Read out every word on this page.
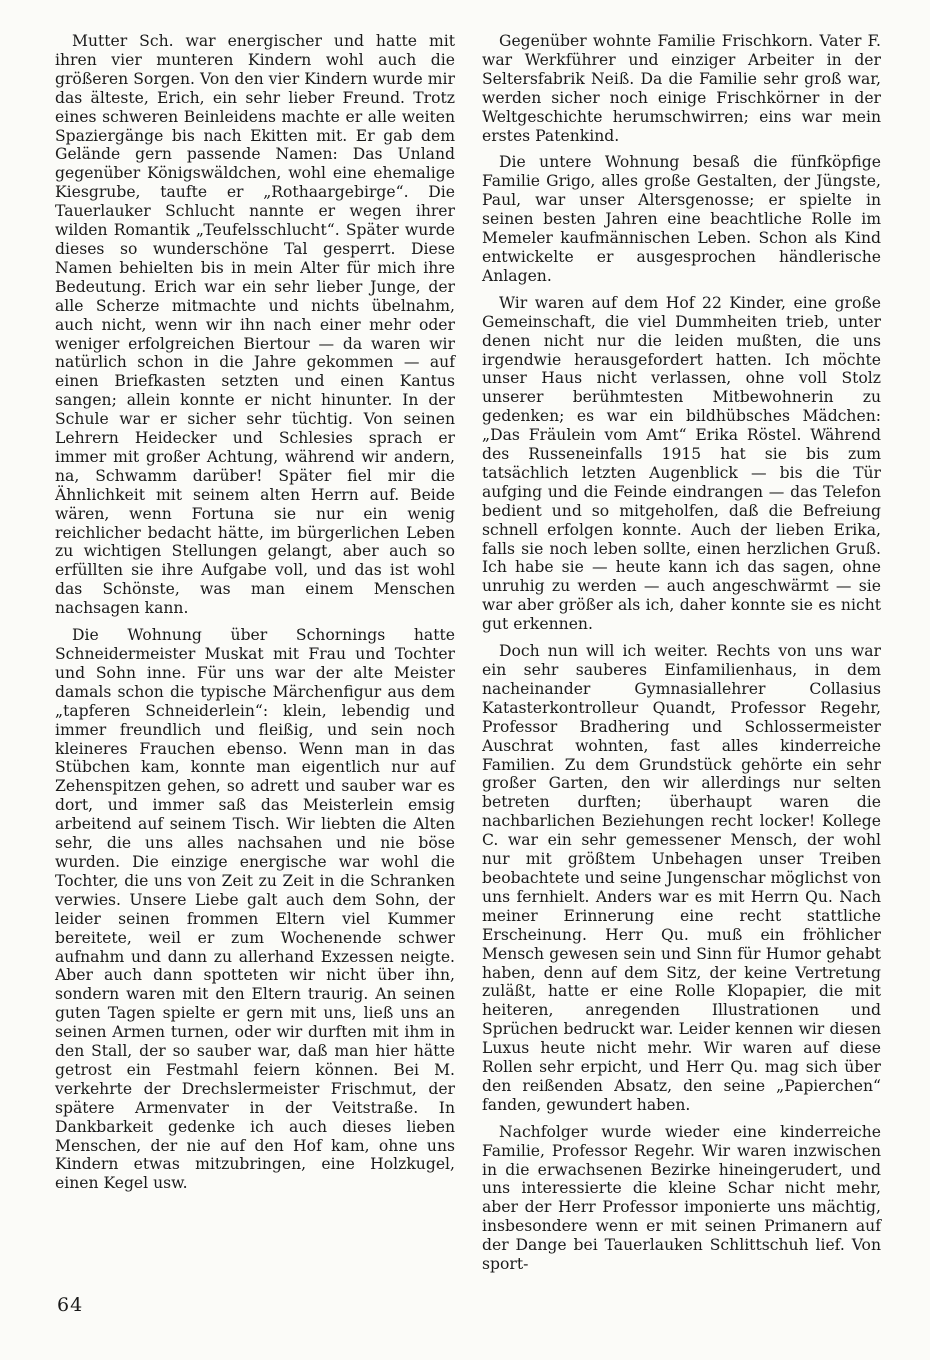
Mutter Sch. war energischer und hatte mit ihren vier munteren Kindern wohl auch die größeren Sorgen. Von den vier Kindern wurde mir das älteste, Erich, ein sehr lieber Freund. Trotz eines schweren Beinleidens machte er alle weiten Spaziergänge bis nach Ekitten mit. Er gab dem Gelände gern passende Namen: Das Unland gegenüber Königswäldchen, wohl eine ehemalige Kiesgrube, taufte er „Rothaargebirge“. Die Tauerlauker Schlucht nannte er wegen ihrer wilden Romantik „Teufelsschlucht“. Später wurde dieses so wunderschöne Tal gesperrt. Diese Namen behielten bis in mein Alter für mich ihre Bedeutung. Erich war ein sehr lieber Junge, der alle Scherze mitmachte und nichts übelnahm, auch nicht, wenn wir ihn nach einer mehr oder weniger erfolgreichen Biertour — da waren wir natürlich schon in die Jahre gekommen — auf einen Briefkasten setzten und einen Kantus sangen; allein konnte er nicht hinunter. In der Schule war er sicher sehr tüchtig. Von seinen Lehrern Heidecker und Schlesies sprach er immer mit großer Achtung, während wir andern, na, Schwamm darüber! Später fiel mir die Ähnlichkeit mit seinem alten Herrn auf. Beide wären, wenn Fortuna sie nur ein wenig reichlicher bedacht hätte, im bürgerlichen Leben zu wichtigen Stellungen gelangt, aber auch so erfüllten sie ihre Aufgabe voll, und das ist wohl das Schönste, was man einem Menschen nachsagen kann.

Die Wohnung über Schornings hatte Schneidermeister Muskat mit Frau und Tochter und Sohn inne. Für uns war der alte Meister damals schon die typische Märchenfigur aus dem „tapferen Schneiderlein“: klein, lebendig und immer freundlich und fleißig, und sein noch kleineres Frauchen ebenso. Wenn man in das Stübchen kam, konnte man eigentlich nur auf Zehenspitzen gehen, so adrett und sauber war es dort, und immer saß das Meisterlein emsig arbeitend auf seinem Tisch. Wir liebten die Alten sehr, die uns alles nachsahen und nie böse wurden. Die einzige energische war wohl die Tochter, die uns von Zeit zu Zeit in die Schranken verwies. Unsere Liebe galt auch dem Sohn, der leider seinen frommen Eltern viel Kummer bereitete, weil er zum Wochenende schwer aufnahm und dann zu allerhand Exzessen neigte. Aber auch dann spotteten wir nicht über ihn, sondern waren mit den Eltern traurig. An seinen guten Tagen spielte er gern mit uns, ließ uns an seinen Armen turnen, oder wir durften mit ihm in den Stall, der so sauber war, daß man hier hätte getrost ein Festmahl feiern können. Bei M. verkehrte der Drechslermeister Frischmut, der spätere Armenvater in der Veitstraße. In Dankbarkeit gedenke ich auch dieses lieben Menschen, der nie auf den Hof kam, ohne uns Kindern etwas mitzubringen, eine Holzkugel, einen Kegel usw.

Gegenüber wohnte Familie Frischkorn. Vater F. war Werkführer und einziger Arbeiter in der Seltersfabrik Neiß. Da die Familie sehr groß war, werden sicher noch einige Frischkörner in der Weltgeschichte herumschwirren; eins war mein erstes Patenkind.

Die untere Wohnung besaß die fünfköpfige Familie Grigo, alles große Gestalten, der Jüngste, Paul, war unser Altersgenosse; er spielte in seinen besten Jahren eine beachtliche Rolle im Memeler kaufmännischen Leben. Schon als Kind entwickelte er ausgesprochen händlerische Anlagen.

Wir waren auf dem Hof 22 Kinder, eine große Gemeinschaft, die viel Dummheiten trieb, unter denen nicht nur die leiden mußten, die uns irgendwie herausgefordert hatten. Ich möchte unser Haus nicht verlassen, ohne voll Stolz unserer berühmtesten Mitbewohnerin zu gedenken; es war ein bildhübsches Mädchen: „Das Fräulein vom Amt“ Erika Röstel. Während des Russeneinfalls 1915 hat sie bis zum tatsächlich letzten Augenblick — bis die Tür aufging und die Feinde eindrangen — das Telefon bedient und so mitgeholfen, daß die Befreiung schnell erfolgen konnte. Auch der lieben Erika, falls sie noch leben sollte, einen herzlichen Gruß. Ich habe sie — heute kann ich das sagen, ohne unruhig zu werden — auch angeschwärmt — sie war aber größer als ich, daher konnte sie es nicht gut erkennen.

Doch nun will ich weiter. Rechts von uns war ein sehr sauberes Einfamilienhaus, in dem nacheinander Gymnasiallehrer Collasius Katasterkontrolleur Quandt, Professor Regehr, Professor Bradhering und Schlossermeister Auschrat wohnten, fast alles kinderreiche Familien. Zu dem Grundstück gehörte ein sehr großer Garten, den wir allerdings nur selten betreten durften; überhaupt waren die nachbarlichen Beziehungen recht locker! Kollege C. war ein sehr gemessener Mensch, der wohl nur mit größtem Unbehagen unser Treiben beobachtete und seine Jungenschar möglichst von uns fernhielt. Anders war es mit Herrn Qu. Nach meiner Erinnerung eine recht stattliche Erscheinung. Herr Qu. muß ein fröhlicher Mensch gewesen sein und Sinn für Humor gehabt haben, denn auf dem Sitz, der keine Vertretung zuläßt, hatte er eine Rolle Klopapier, die mit heiteren, anregenden Illustrationen und Sprüchen bedruckt war. Leider kennen wir diesen Luxus heute nicht mehr. Wir waren auf diese Rollen sehr erpicht, und Herr Qu. mag sich über den reißenden Absatz, den seine „Papierchen“ fanden, gewundert haben.

Nachfolger wurde wieder eine kinderreiche Familie, Professor Regehr. Wir waren inzwischen in die erwachsenen Bezirke hineingerudert, und uns interessierte die kleine Schar nicht mehr, aber der Herr Professor imponierte uns mächtig, insbesondere wenn er mit seinen Primanern auf der Dange bei Tauerlauken Schlittschuh lief. Von sport-

64
